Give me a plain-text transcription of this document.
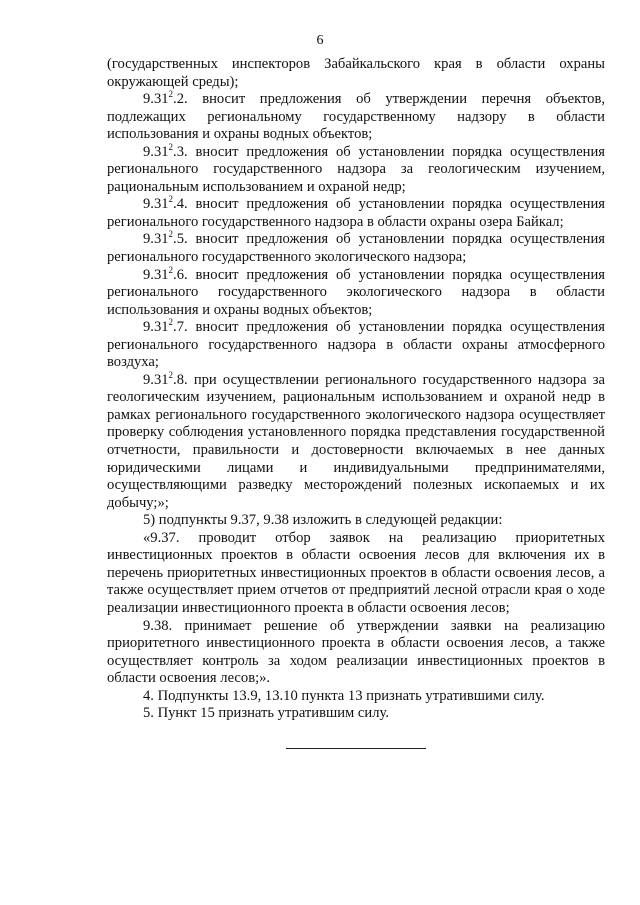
6

(государственных инспекторов Забайкальского края в области охраны окружающей среды);

9.31$^2$.2. вносит предложения об утверждении перечня объектов, подлежащих региональному государственному надзору в области использования и охраны водных объектов;

9.31$^2$.3. вносит предложения об установлении порядка осуществления регионального государственного надзора за геологическим изучением, рациональным использованием и охраной недр;

9.31$^2$.4. вносит предложения об установлении порядка осуществления регионального государственного надзора в области охраны озера Байкал;

9.31$^2$.5. вносит предложения об установлении порядка осуществления регионального государственного экологического надзора;

9.31$^2$.6. вносит предложения об установлении порядка осуществления регионального государственного экологического надзора в области использования и охраны водных объектов;

9.31$^2$.7. вносит предложения об установлении порядка осуществления регионального государственного надзора в области охраны атмосферного воздуха;

9.31$^2$.8. при осуществлении регионального государственного надзора за геологическим изучением, рациональным использованием и охраной недр в рамках регионального государственного экологического надзора осуществляет проверку соблюдения установленного порядка представления государственной отчетности, правильности и достоверности включаемых в нее данных юридическими лицами и индивидуальными предпринимателями, осуществляющими разведку месторождений полезных ископаемых и их добычу;»;

5) подпункты 9.37, 9.38 изложить в следующей редакции:

«9.37. проводит отбор заявок на реализацию приоритетных инвестиционных проектов в области освоения лесов для включения их в перечень приоритетных инвестиционных проектов в области освоения лесов, а также осуществляет прием отчетов от предприятий лесной отрасли края о ходе реализации инвестиционного проекта в области освоения лесов;

9.38. принимает решение об утверждении заявки на реализацию приоритетного инвестиционного проекта в области освоения лесов, а также осуществляет контроль за ходом реализации инвестиционных проектов в области освоения лесов;».

4. Подпункты 13.9, 13.10 пункта 13 признать утратившими силу.

5. Пункт 15 признать утратившим силу.
